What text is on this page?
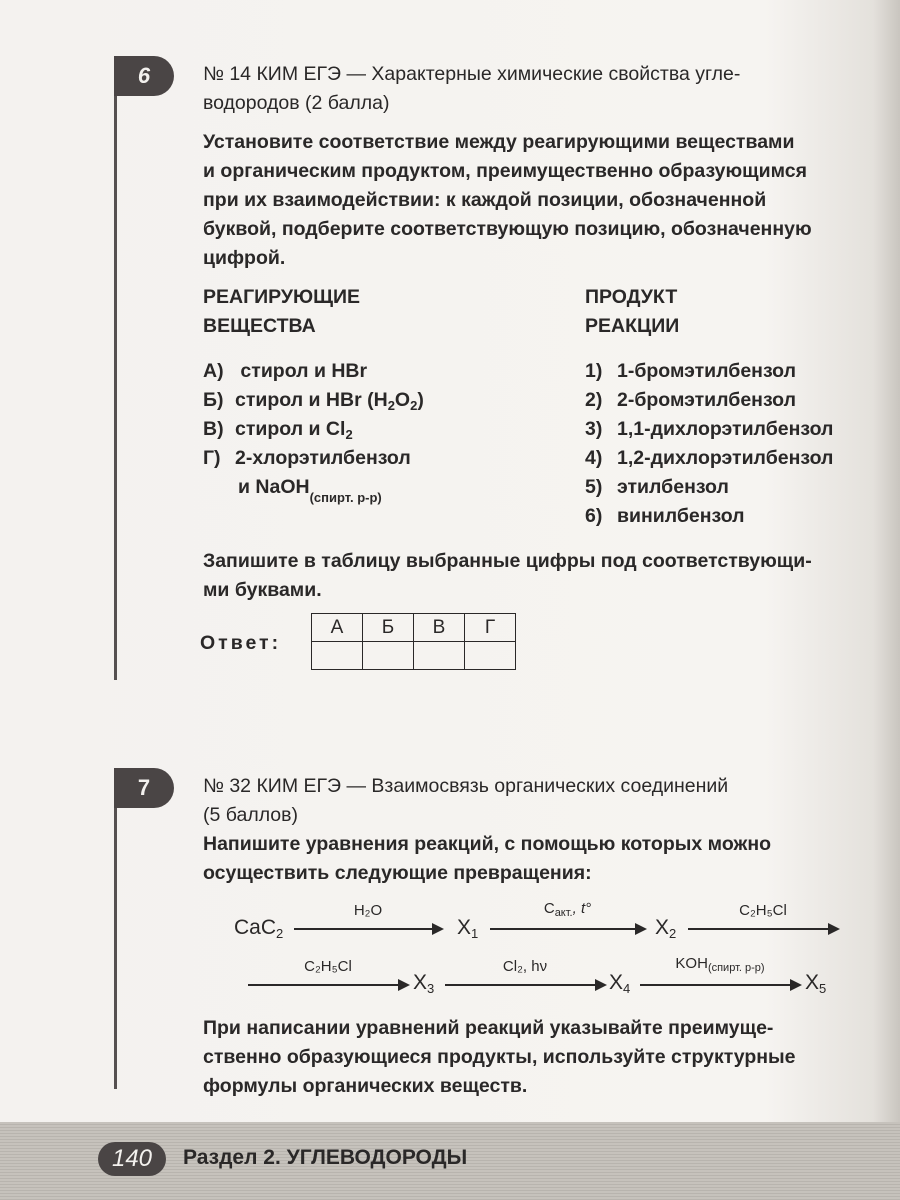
6	№ 14 КИМ ЕГЭ — Характерные химические свойства угле-
водородов (2 балла)
Установите соответствие между реагирующими веществами
и органическим продуктом, преимущественно образующимся
при их взаимодействии: к каждой позиции, обозначенной
буквой, подберите соответствующую позицию, обозначенную
цифрой.
РЕАГИРУЮЩИЕ
ВЕЩЕСТВА
ПРОДУКТ
РЕАКЦИИ
А) стирол и HBr
Б) стирол и HBr $(H_2O_2)$
В) стирол и $Cl_2$
Г) 2-хлорэтилбензол
и NaOH$_{(спирт. р-р)}$
1) 1-бромэтилбензол
2) 2-бромэтилбензол
3) 1,1-дихлорэтилбензол
4) 1,2-дихлорэтилбензол
5) этилбензол
6) винилбензол
Запишите в таблицу выбранные цифры под соответствующи-
ми буквами.
Ответ:
А	Б	В	Г

7	№ 32 КИМ ЕГЭ — Взаимосвязь органических соединений
(5 баллов)
Напишите уравнения реакций, с помощью которых можно
осуществить следующие превращения:
CaC$_2$
H₂O
$X_1$
$C_{акт.}$, t°
$X_2$
C₂H₅Cl
C₂H₅Cl
$X_3$
Cl₂, hν
$X_4$
$KOH_{(спирт. р-р)}$
$X_5$
При написании уравнений реакций указывайте преимуще-
ственно образующиеся продукты, используйте структурные
формулы органических веществ.
140	Раздел 2. УГЛЕВОДОРОДЫ
